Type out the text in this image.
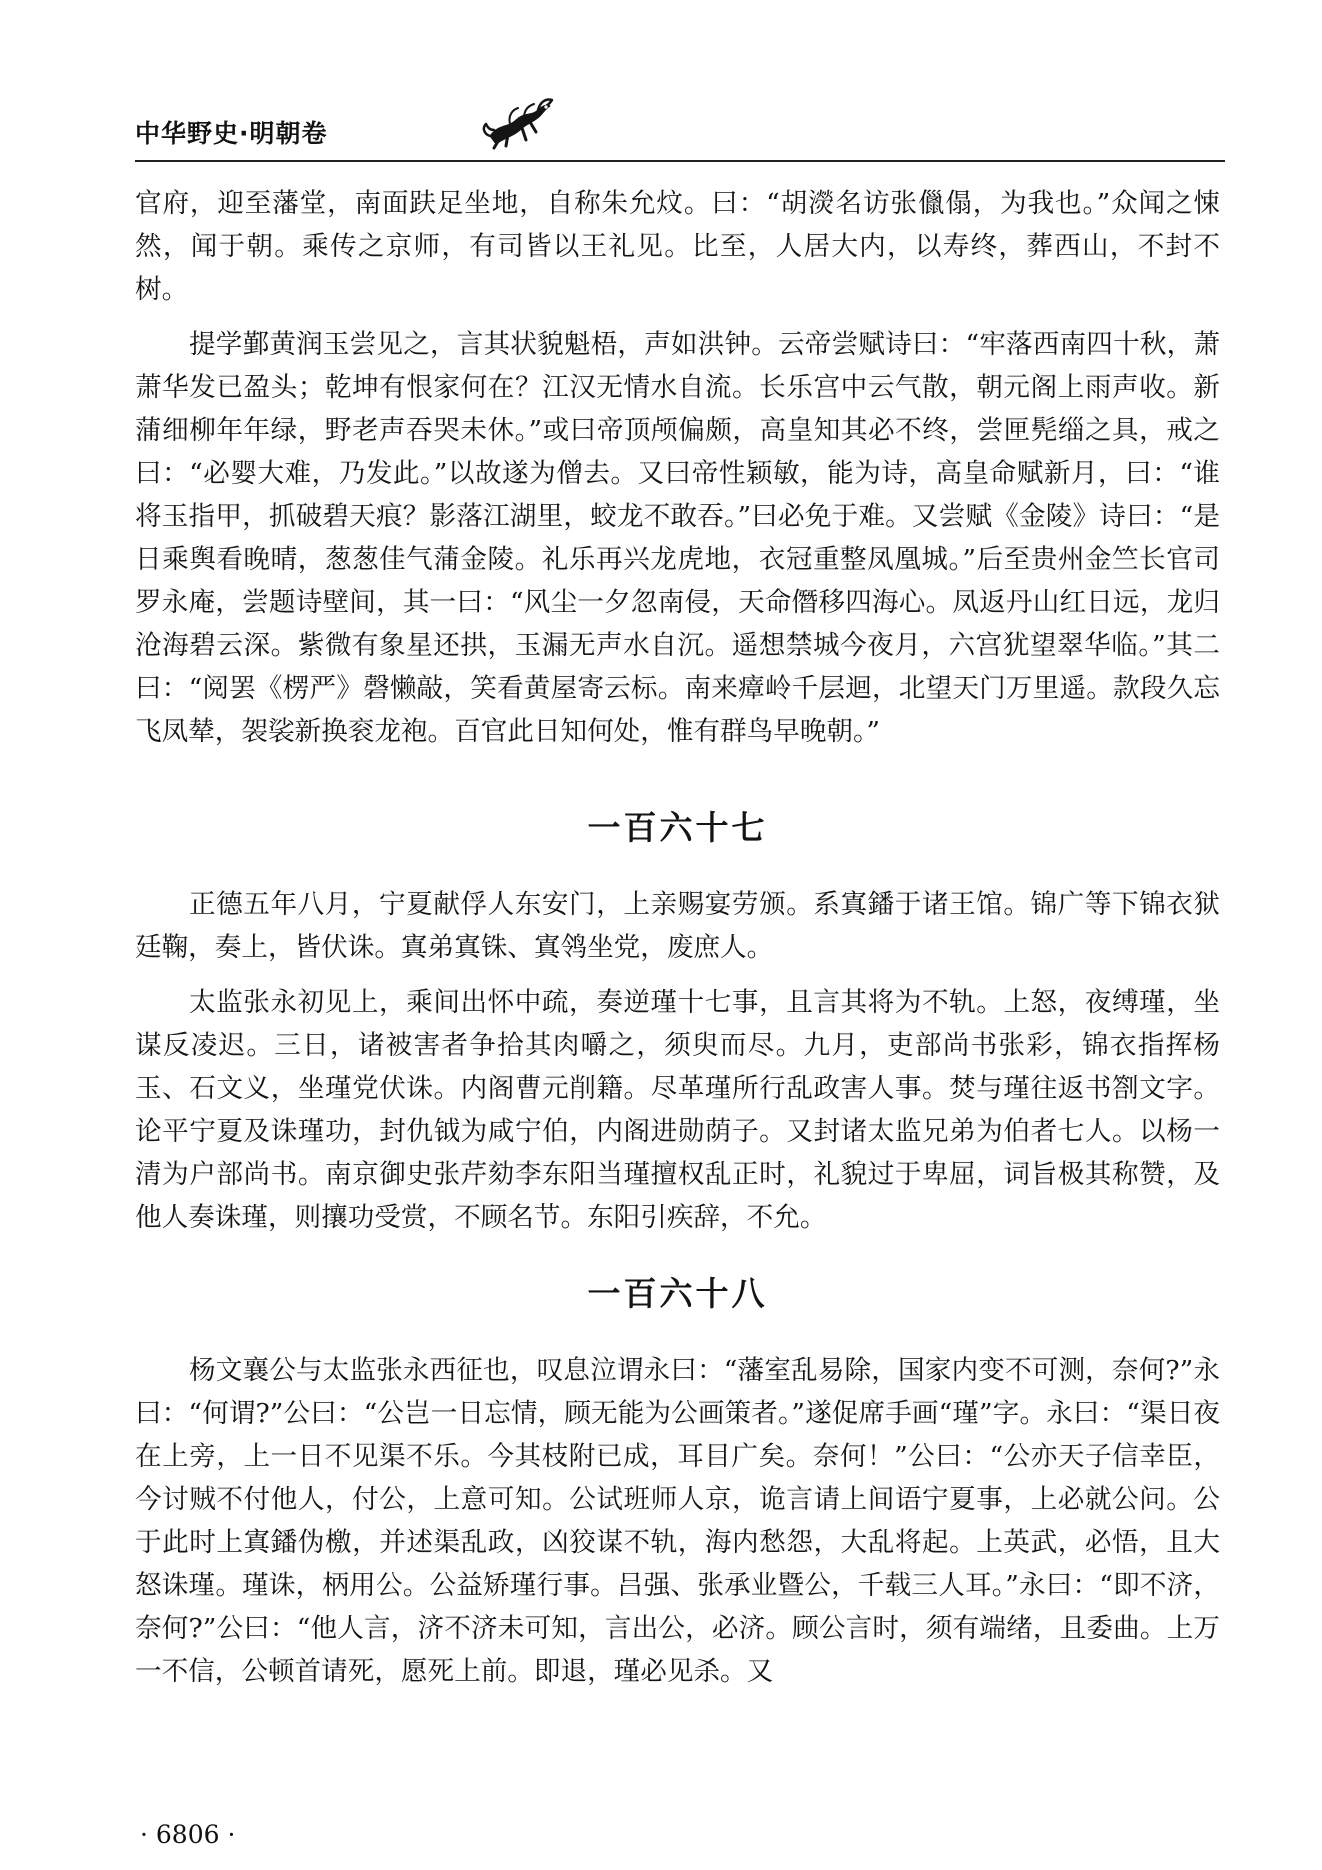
中华野史·明朝卷

官府，迎至藩堂，南面趺足坐地，自称朱允炆。曰：“胡濙名访张儠傝，为我也。”众闻之悚然，闻于朝。乘传之京师，有司皆以王礼见。比至，人居大内，以寿终，葬西山，不封不树。

提学鄞黄润玉尝见之，言其状貌魁梧，声如洪钟。云帝尝赋诗曰：“牢落西南四十秋，萧萧华发已盈头；乾坤有恨家何在？江汉无情水自流。长乐宫中云气散，朝元阁上雨声收。新蒲细柳年年绿，野老声吞哭未休。”或曰帝顶颅偏颇，高皇知其必不终，尝匣髡缁之具，戒之曰：“必婴大难，乃发此。”以故遂为僧去。又曰帝性颖敏，能为诗，高皇命赋新月，曰：“谁将玉指甲，抓破碧天痕？影落江湖里，蛟龙不敢吞。”曰必免于难。又尝赋《金陵》诗曰：“是日乘舆看晚晴，葱葱佳气蒲金陵。礼乐再兴龙虎地，衣冠重整凤凰城。”后至贵州金竺长官司罗永庵，尝题诗壁间，其一曰：“风尘一夕忽南侵，天命僭移四海心。凤返丹山红日远，龙归沧海碧云深。紫微有象星还拱，玉漏无声水自沉。遥想禁城今夜月，六宫犹望翠华临。”其二曰：“阅罢《楞严》磬懒敲，笑看黄屋寄云标。南来瘴岭千层迴，北望天门万里遥。款段久忘飞凤辇，袈裟新换衮龙袍。百官此日知何处，惟有群鸟早晚朝。”

一百六十七

正德五年八月，宁夏献俘人东安门，上亲赐宴劳颁。系寘鐇于诸王馆。锦广等下锦衣狱廷鞠，奏上，皆伏诛。寘弟寘铢、寘鸰坐党，废庶人。

太监张永初见上，乘间出怀中疏，奏逆瑾十七事，且言其将为不轨。上怒，夜缚瑾，坐谋反凌迟。三日，诸被害者争拾其肉嚼之，须臾而尽。九月，吏部尚书张彩，锦衣指挥杨玉、石文义，坐瑾党伏诛。内阁曹元削籍。尽革瑾所行乱政害人事。焚与瑾往返书劄文字。论平宁夏及诛瑾功，封仇钺为咸宁伯，内阁进勋荫子。又封诸太监兄弟为伯者七人。以杨一清为户部尚书。南京御史张芹劾李东阳当瑾擅权乱正时，礼貌过于卑屈，词旨极其称赞，及他人奏诛瑾，则攘功受赏，不顾名节。东阳引疾辞，不允。

一百六十八

杨文襄公与太监张永西征也，叹息泣谓永曰：“藩室乱易除，国家内变不可测，奈何?”永曰：“何谓?”公曰：“公岂一日忘情，顾无能为公画策者。”遂促席手画“瑾”字。永曰：“渠日夜在上旁，上一日不见渠不乐。今其枝附已成，耳目广矣。奈何！”公曰：“公亦天子信幸臣，今讨贼不付他人，付公，上意可知。公试班师人京，诡言请上间语宁夏事，上必就公问。公于此时上寘鐇伪檄，并述渠乱政，凶狡谋不轨，海内愁怨，大乱将起。上英武，必悟，且大怒诛瑾。瑾诛，柄用公。公益矫瑾行事。吕强、张承业暨公，千载三人耳。”永曰：“即不济，奈何?”公曰：“他人言，济不济未可知，言出公，必济。顾公言时，须有端绪，且委曲。上万一不信，公顿首请死，愿死上前。即退，瑾必见杀。又

· 6806 ·
